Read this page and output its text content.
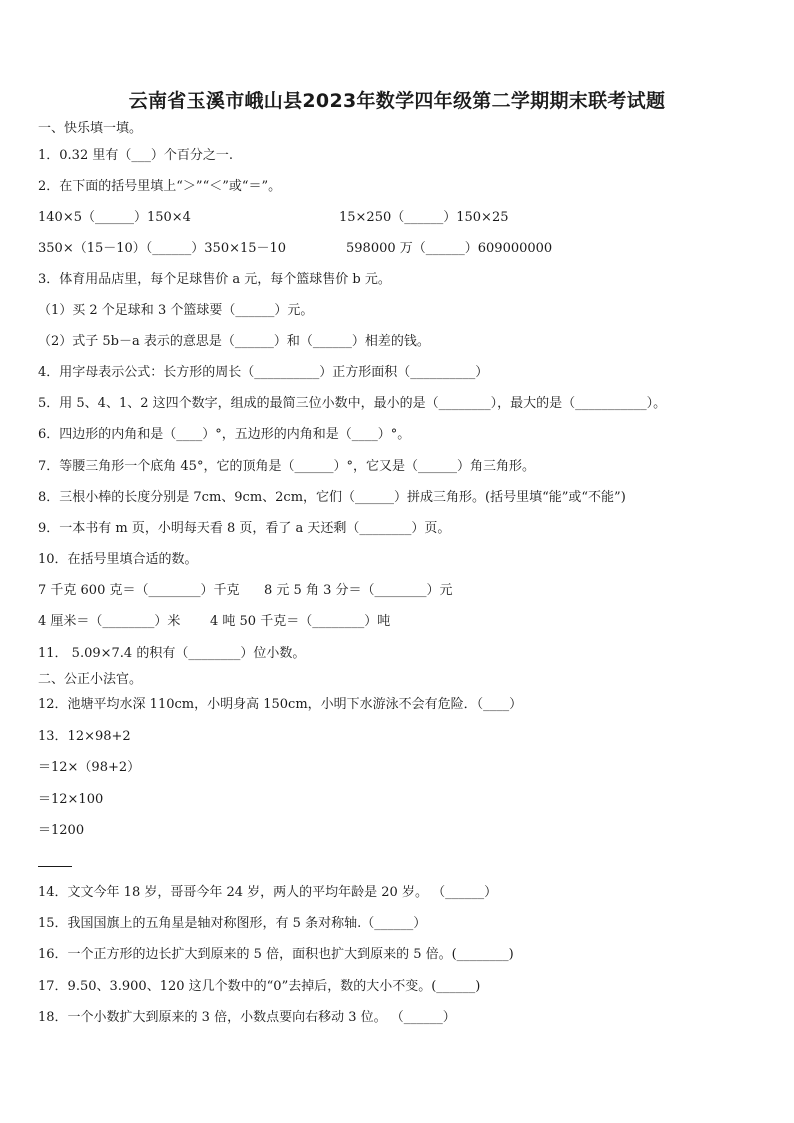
云南省玉溪市峨山县2023年数学四年级第二学期期末联考试题
一、快乐填一填。
1．0.32 里有（___）个百分之一.
2．在下面的括号里填上“＞”“＜”或“＝”。
140×5（______）150×4	15×250（______）150×25
350×（15－10）（______）350×15－10	598000 万（______）609000000
3．体育用品店里，每个足球售价 a 元，每个篮球售价 b 元。
（1）买 2 个足球和 3 个篮球要（______）元。
（2）式子 5b－a 表示的意思是（______）和（______）相差的钱。
4．用字母表示公式：长方形的周长（__________）正方形面积（__________）
5．用 5、4、1、2 这四个数字，组成的最简三位小数中，最小的是（________），最大的是（___________）。
6．四边形的内角和是（____）°，五边形的内角和是（____）°。
7．等腰三角形一个底角 45°，它的顶角是（______）°，它又是（______）角三角形。
8．三根小棒的长度分别是 7cm、9cm、2cm，它们（______）拼成三角形。(括号里填“能”或“不能”)
9．一本书有 m 页，小明每天看 8 页，看了 a 天还剩（________）页。
10．在括号里填合适的数。
7 千克 600 克＝（________）千克 8 元 5 角 3 分＝（________）元
4 厘米＝（________）米 4 吨 50 千克＝（________）吨
11． 5.09×7.4 的积有（________）位小数。
二、公正小法官。
12．池塘平均水深 110cm，小明身高 150cm，小明下水游泳不会有危险．（____）
13．12×98+2
＝12×（98+2）
＝12×100
＝1200
14．文文今年 18 岁，哥哥今年 24 岁，两人的平均年龄是 20 岁。 （______）
15．我国国旗上的五角星是轴对称图形，有 5 条对称轴.（______）
16．一个正方形的边长扩大到原来的 5 倍，面积也扩大到原来的 5 倍。(________)
17．9.50、3.900、120 这几个数中的“0”去掉后，数的大小不变。(______)
18．一个小数扩大到原来的 3 倍，小数点要向右移动 3 位。 （______）
